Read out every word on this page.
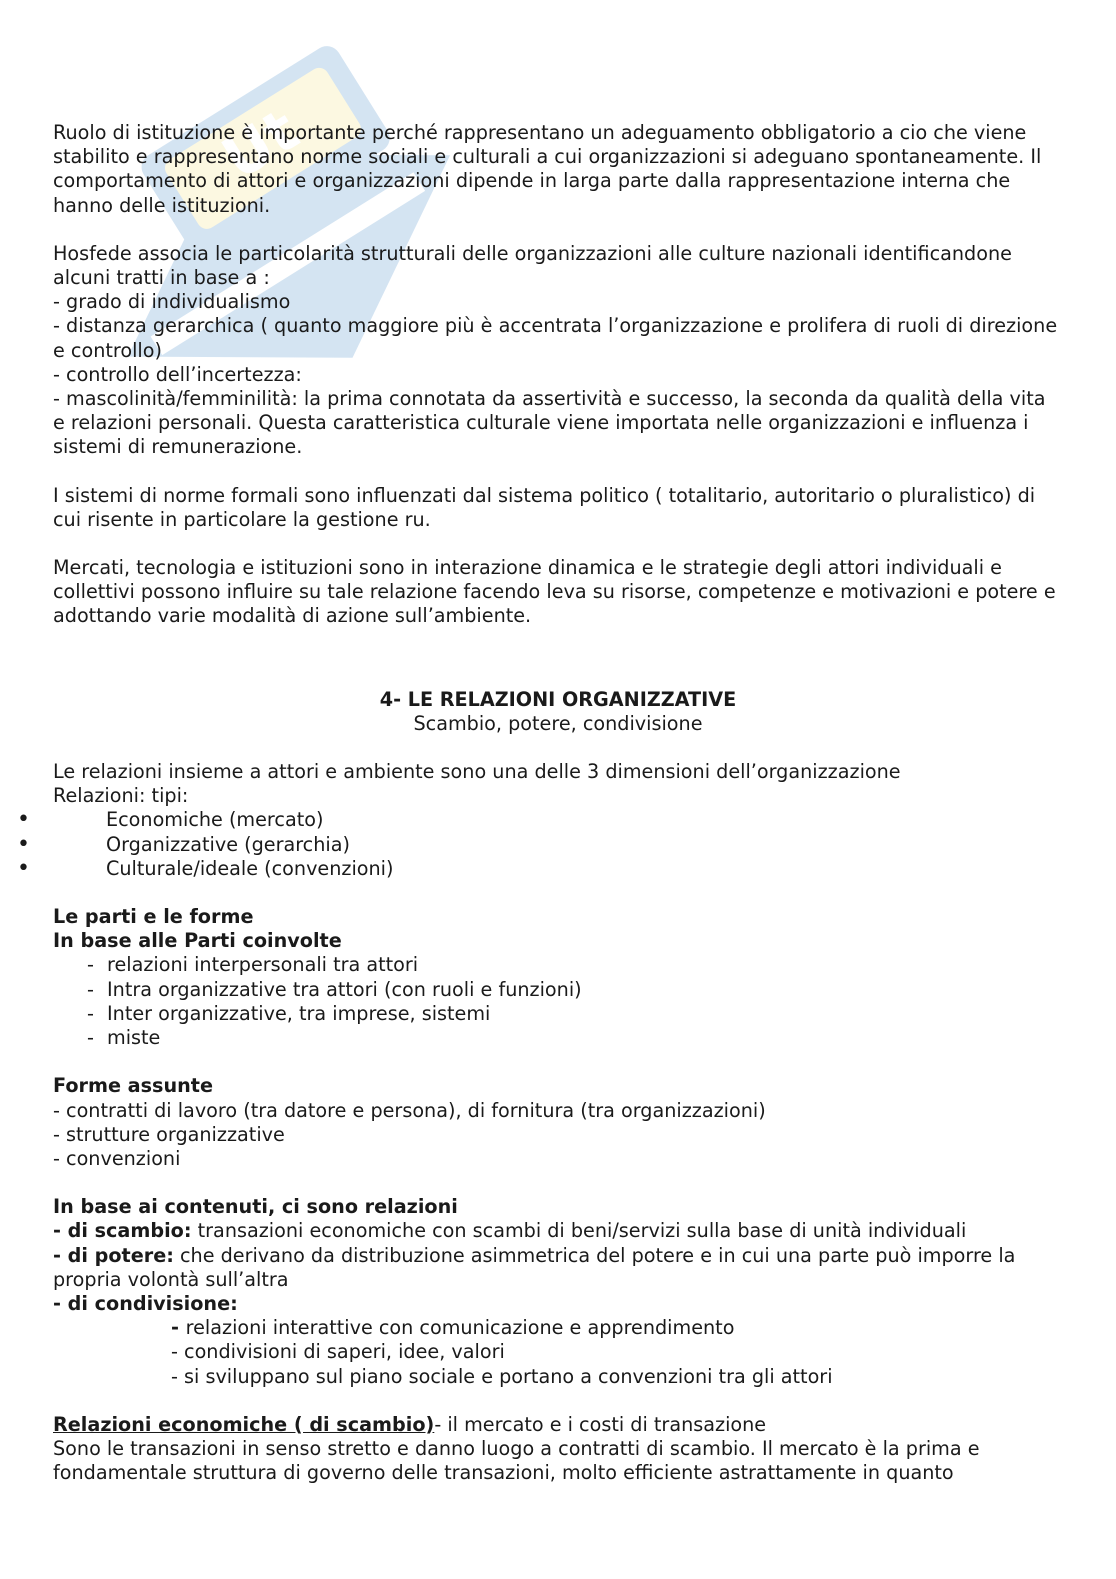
Ut

Ruolo di istituzione è importante perché rappresentano un adeguamento obbligatorio a cio che viene stabilito e rappresentano norme sociali e culturali a cui organizzazioni si adeguano spontaneamente. Il comportamento di attori e organizzazioni dipende in larga parte dalla rappresentazione interna che hanno delle istituzioni.

Hosfede associa le particolarità strutturali delle organizzazioni alle culture nazionali identificandone alcuni tratti in base a :

- grado di individualismo

- distanza gerarchica ( quanto maggiore più è accentrata l’organizzazione e prolifera di ruoli di direzione e controllo)

- controllo dell’incertezza:

- mascolinità/femminilità: la prima connotata da assertività e successo, la seconda da qualità della vita e relazioni personali. Questa caratteristica culturale viene importata nelle organizzazioni e influenza i sistemi di remunerazione.

I sistemi di norme formali sono influenzati dal sistema politico ( totalitario, autoritario o pluralistico) di cui risente in particolare la gestione ru.

Mercati, tecnologia e istituzioni sono in interazione dinamica e le strategie degli attori individuali e collettivi possono influire su tale relazione facendo leva su risorse, competenze e motivazioni e potere e adottando varie modalità di azione sull’ambiente.

4- LE RELAZIONI ORGANIZZATIVE

Scambio, potere, condivisione

Le relazioni insieme a attori e ambiente sono una delle 3 dimensioni dell’organizzazione

Relazioni: tipi:

•	Economiche (mercato)

•	Organizzative (gerarchia)

•	Culturale/ideale (convenzioni)

Le parti e le forme

In base alle Parti coinvolte

- relazioni interpersonali tra attori

- Intra organizzative tra attori (con ruoli e funzioni)

- Inter organizzative, tra imprese, sistemi

- miste

Forme assunte

- contratti di lavoro (tra datore e persona), di fornitura (tra organizzazioni)

- strutture organizzative

- convenzioni

In base ai contenuti, ci sono relazioni

- di scambio: transazioni economiche con scambi di beni/servizi sulla base di unità individuali

- di potere: che derivano da distribuzione asimmetrica del potere e in cui una parte può imporre la propria volontà sull’altra

- di condivisione:

- relazioni interattive con comunicazione e apprendimento

- condivisioni di saperi, idee, valori

- si sviluppano sul piano sociale e portano a convenzioni tra gli attori

Relazioni economiche ( di scambio)- il mercato e i costi di transazione

Sono le transazioni in senso stretto e danno luogo a contratti di scambio. Il mercato è la prima e fondamentale struttura di governo delle transazioni, molto efficiente astrattamente in quanto
